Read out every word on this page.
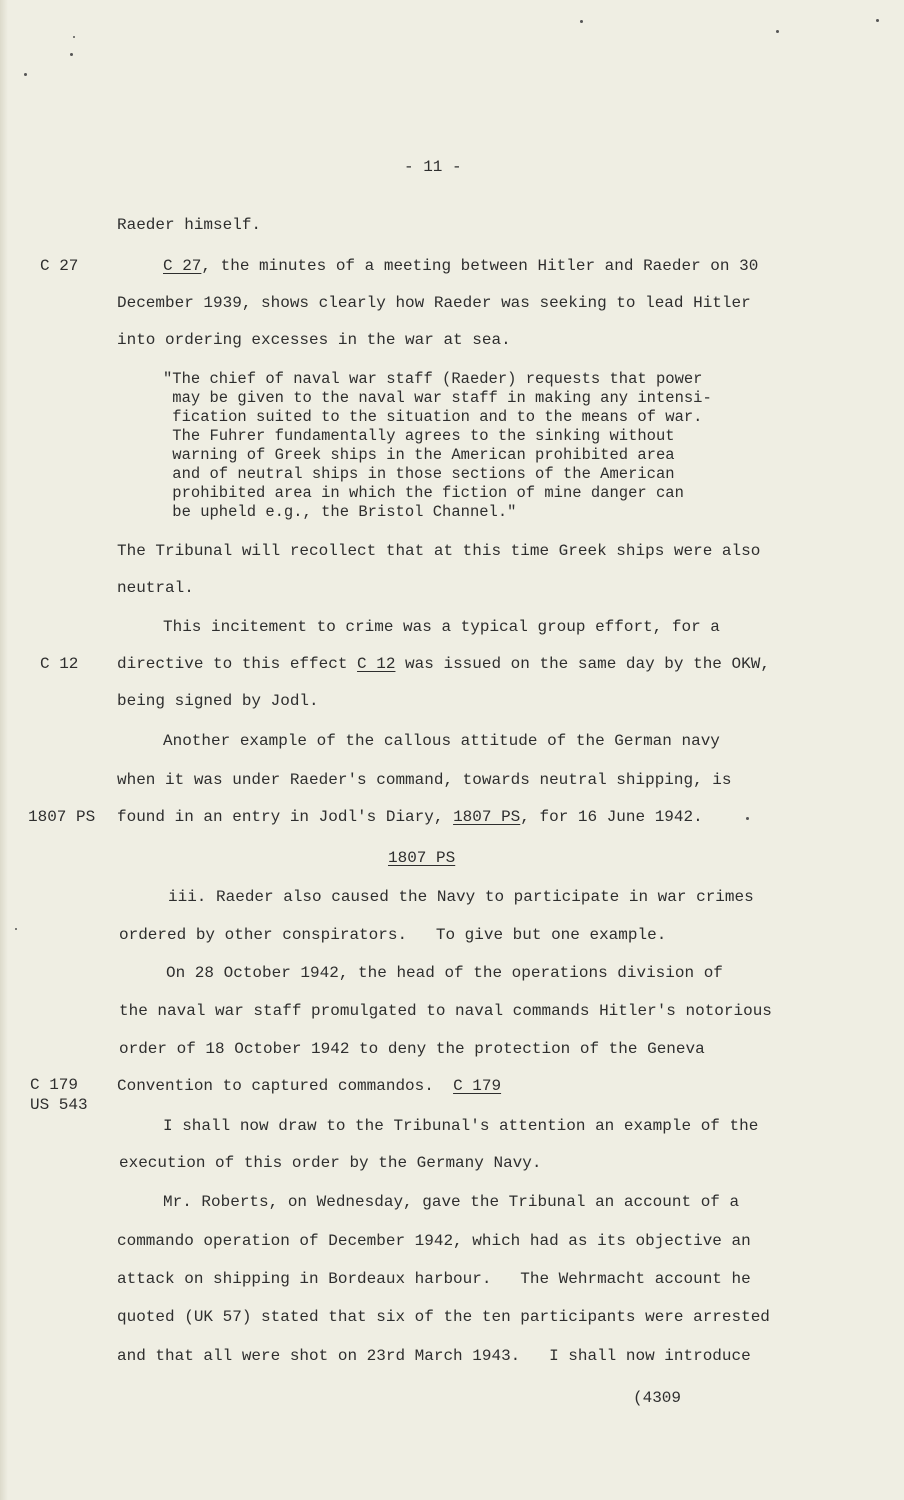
- 11 -
C 27
C 12
1807 PS
C 179
US 543
Raeder himself.
C 27, the minutes of a meeting between Hitler and Raeder on 30
December 1939, shows clearly how Raeder was seeking to lead Hitler
into ordering excesses in the war at sea.
"The chief of naval war staff (Raeder) requests that power
may be given to the naval war staff in making any intensi-
fication suited to the situation and to the means of war.
The Fuhrer fundamentally agrees to the sinking without
warning of Greek ships in the American prohibited area
and of neutral ships in those sections of the American
prohibited area in which the fiction of mine danger can
be upheld e.g., the Bristol Channel."
The Tribunal will recollect that at this time Greek ships were also
neutral.
This incitement to crime was a typical group effort, for a
directive to this effect C 12 was issued on the same day by the OKW,
being signed by Jodl.
Another example of the callous attitude of the German navy
when it was under Raeder's command, towards neutral shipping, is
found in an entry in Jodl's Diary, 1807 PS, for 16 June 1942.
1807 PS
iii. Raeder also caused the Navy to participate in war crimes
ordered by other conspirators.   To give but one example.
On 28 October 1942, the head of the operations division of
the naval war staff promulgated to naval commands Hitler's notorious
order of 18 October 1942 to deny the protection of the Geneva
Convention to captured commandos.  C 179
I shall now draw to the Tribunal's attention an example of the
execution of this order by the Germany Navy.
Mr. Roberts, on Wednesday, gave the Tribunal an account of a
commando operation of December 1942, which had as its objective an
attack on shipping in Bordeaux harbour.   The Wehrmacht account he
quoted (UK 57) stated that six of the ten participants were arrested
and that all were shot on 23rd March 1943.   I shall now introduce
(4309
